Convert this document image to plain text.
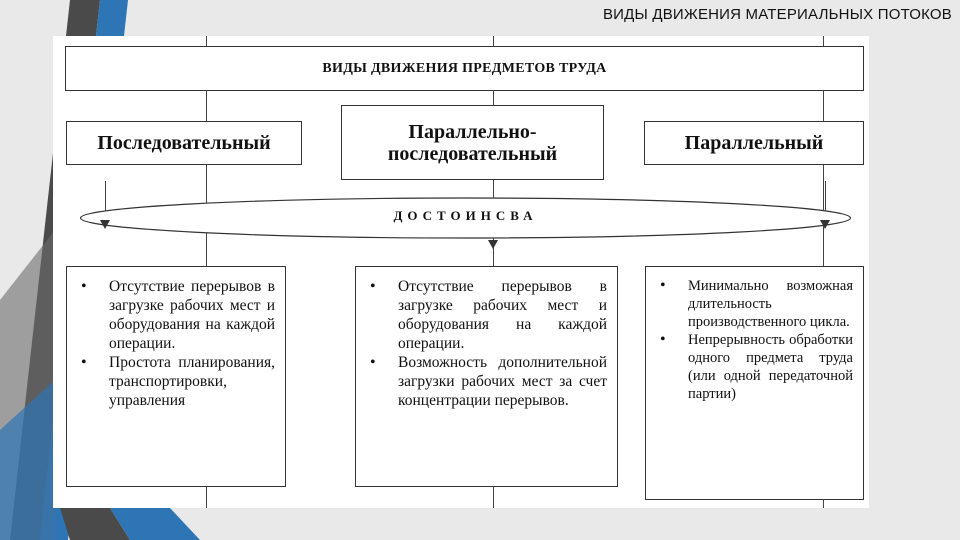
ВИДЫ ДВИЖЕНИЯ МАТЕРИАЛЬНЫХ ПОТОКОВ
ВИДЫ ДВИЖЕНИЯ ПРЕДМЕТОВ ТРУДА
Последовательный
Параллельно-последовательный	Параллельный
ДОСТОИНСВА
• Отсутствие перерывов в загрузке рабочих мест и оборудования на каждой операции.
• Простота планирования, транспортировки, управления
• Отсутствие перерывов в загрузке рабочих мест и оборудования на каждой операции.
• Возможность дополнительной загрузки рабочих мест за счет концентрации перерывов.
• Минимально возможная длительность производственного цикла.
• Непрерывность обработки одного предмета труда (или одной передаточной партии)
